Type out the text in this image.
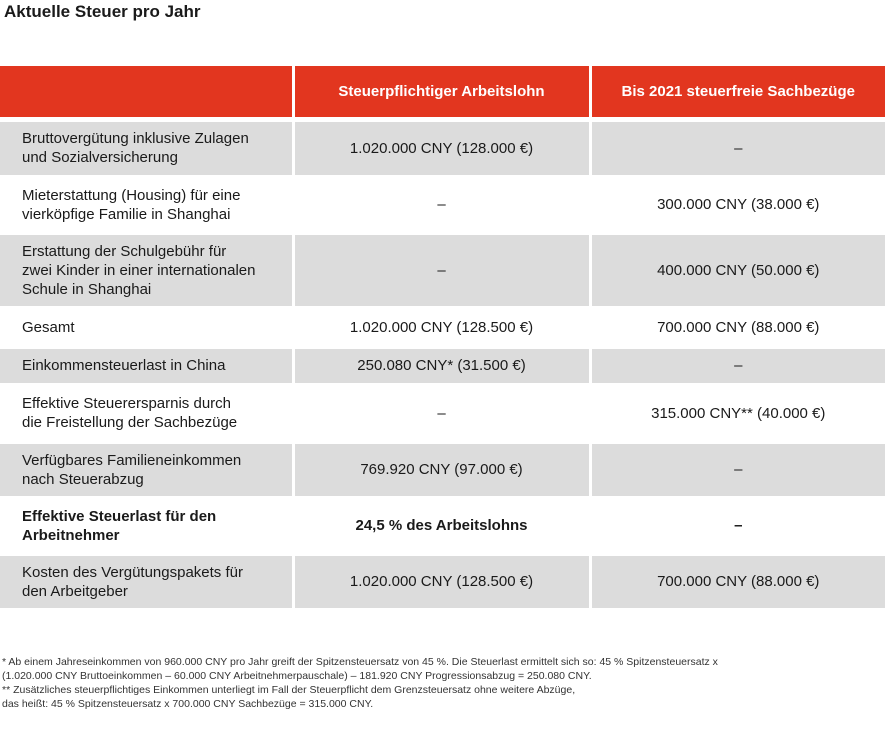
Aktuelle Steuer pro Jahr
	Steuerpflichtiger Arbeitslohn	Bis 2021 steuerfreie Sachbezüge
Bruttovergütung inklusive Zulagen
und Sozialversicherung	1.020.000 CNY (128.000 €)	–
Mieterstattung (Housing) für eine
vierköpfige Familie in Shanghai	–	300.000 CNY (38.000 €)
Erstattung der Schulgebühr für
zwei Kinder in einer internationalen
Schule in Shanghai	–	400.000 CNY (50.000 €)
Gesamt	1.020.000 CNY (128.500 €)	700.000 CNY (88.000 €)
Einkommensteuerlast in China	250.080 CNY* (31.500 €)	–
Effektive Steuerersparnis durch
die Freistellung der Sachbezüge	–	315.000 CNY** (40.000 €)
Verfügbares Familieneinkommen
nach Steuerabzug	769.920 CNY (97.000 €)	–
Effektive Steuerlast für den
Arbeitnehmer	24,5 % des Arbeitslohns	–
Kosten des Vergütungspakets für
den Arbeitgeber	1.020.000 CNY (128.500 €)	700.000 CNY (88.000 €)
* Ab einem Jahreseinkommen von 960.000 CNY pro Jahr greift der Spitzensteuersatz von 45 %. Die Steuerlast ermittelt sich so: 45 % Spitzensteuersatz x
(1.020.000 CNY Bruttoeinkommen – 60.000 CNY Arbeitnehmerpauschale) – 181.920 CNY Progressionsabzug = 250.080 CNY.
** Zusätzliches steuerpflichtiges Einkommen unterliegt im Fall der Steuerpflicht dem Grenzsteuersatz ohne weitere Abzüge,
das heißt: 45 % Spitzensteuersatz x 700.000 CNY Sachbezüge = 315.000 CNY.
